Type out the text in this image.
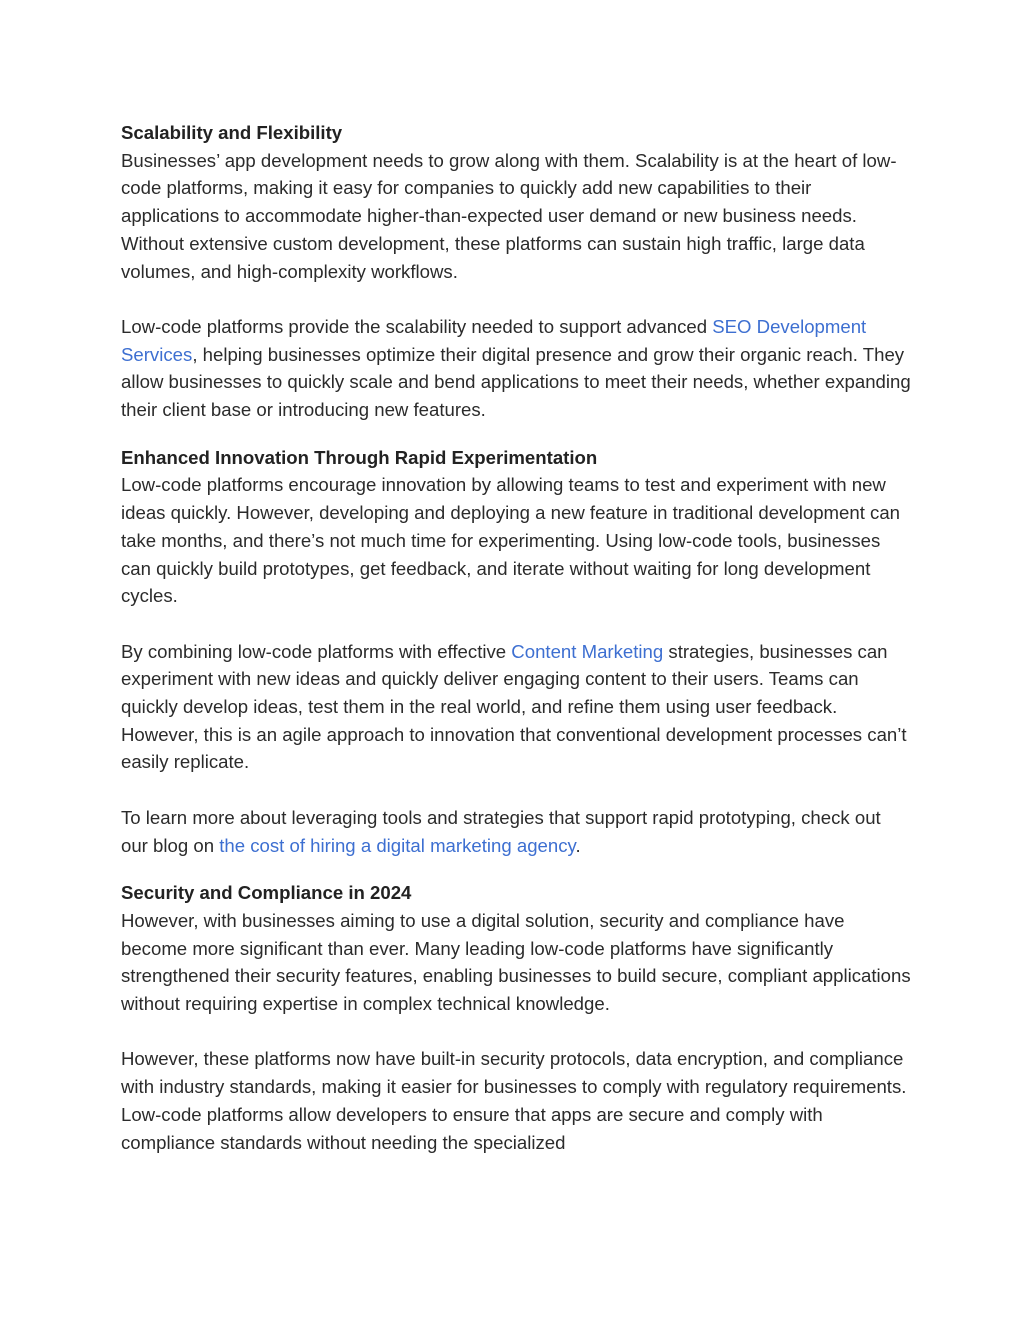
Scalability and Flexibility

Businesses’ app development needs to grow along with them. Scalability is at the heart of low-code platforms, making it easy for companies to quickly add new capabilities to their applications to accommodate higher-than-expected user demand or new business needs. Without extensive custom development, these platforms can sustain high traffic, large data volumes, and high-complexity workflows.

Low-code platforms provide the scalability needed to support advanced SEO Development Services, helping businesses optimize their digital presence and grow their organic reach. They allow businesses to quickly scale and bend applications to meet their needs, whether expanding their client base or introducing new features.

Enhanced Innovation Through Rapid Experimentation

Low-code platforms encourage innovation by allowing teams to test and experiment with new ideas quickly. However, developing and deploying a new feature in traditional development can take months, and there’s not much time for experimenting. Using low-code tools, businesses can quickly build prototypes, get feedback, and iterate without waiting for long development cycles.

By combining low-code platforms with effective Content Marketing strategies, businesses can experiment with new ideas and quickly deliver engaging content to their users. Teams can quickly develop ideas, test them in the real world, and refine them using user feedback. However, this is an agile approach to innovation that conventional development processes can’t easily replicate.

To learn more about leveraging tools and strategies that support rapid prototyping, check out our blog on the cost of hiring a digital marketing agency.

Security and Compliance in 2024

However, with businesses aiming to use a digital solution, security and compliance have become more significant than ever. Many leading low-code platforms have significantly strengthened their security features, enabling businesses to build secure, compliant applications without requiring expertise in complex technical knowledge.

However, these platforms now have built-in security protocols, data encryption, and compliance with industry standards, making it easier for businesses to comply with regulatory requirements. Low-code platforms allow developers to ensure that apps are secure and comply with compliance standards without needing the specialized
